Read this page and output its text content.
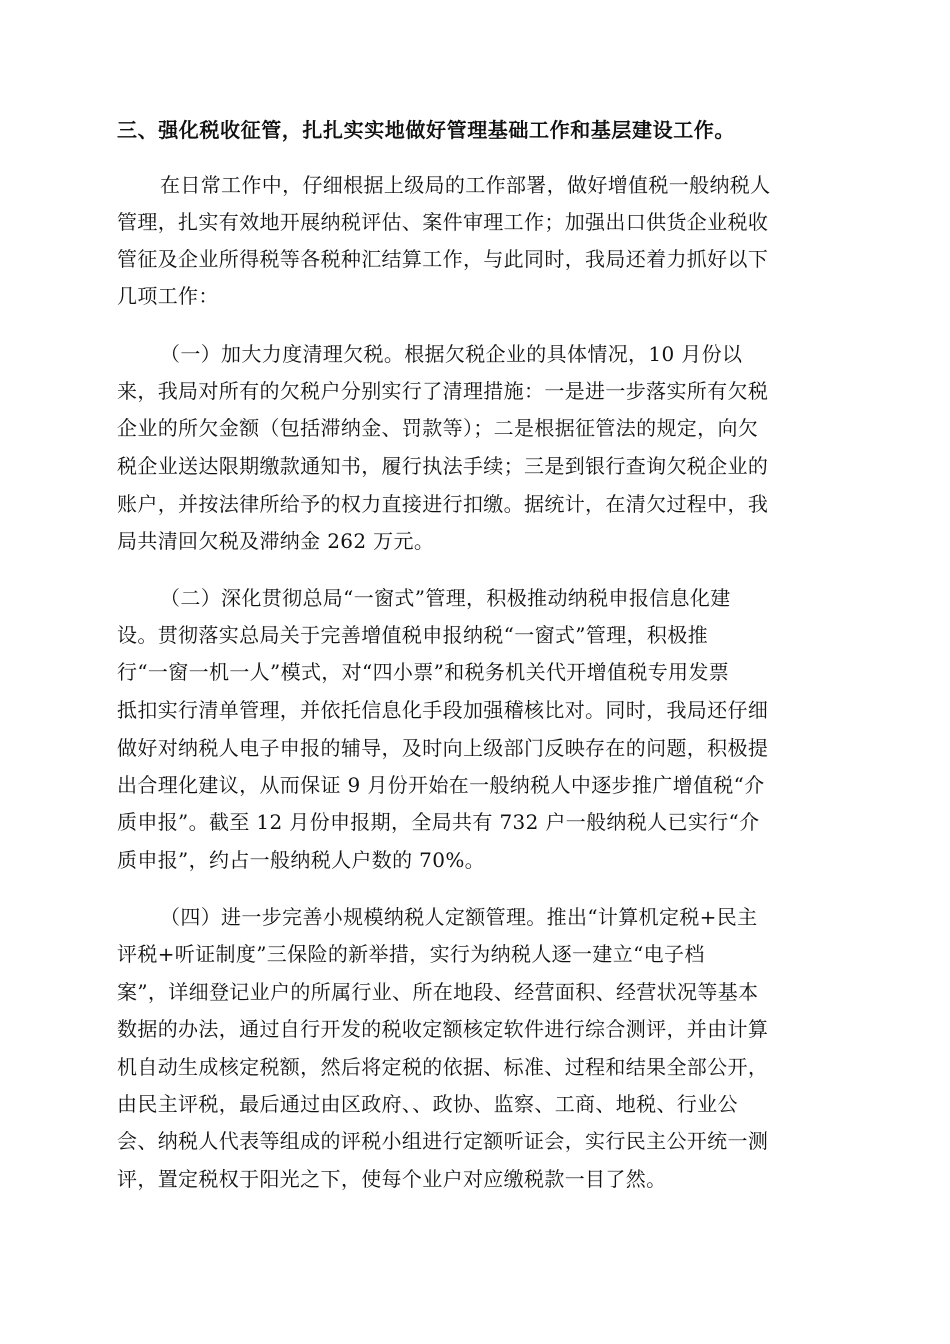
三、强化税收征管，扎扎实实地做好管理基础工作和基层建设工作。
在日常工作中，仔细根据上级局的工作部署，做好增值税一般纳税人
管理，扎实有效地开展纳税评估、案件审理工作；加强出口供货企业税收
管征及企业所得税等各税种汇结算工作，与此同时，我局还着力抓好以下
几项工作：
（一）加大力度清理欠税。根据欠税企业的具体情况，10 月份以
来，我局对所有的欠税户分别实行了清理措施：一是进一步落实所有欠税
企业的所欠金额（包括滞纳金、罚款等）；二是根据征管法的规定，向欠
税企业送达限期缴款通知书，履行执法手续；三是到银行查询欠税企业的
账户，并按法律所给予的权力直接进行扣缴。据统计，在清欠过程中，我
局共清回欠税及滞纳金 262 万元。
（二）深化贯彻总局“一窗式”管理，积极推动纳税申报信息化建
设。贯彻落实总局关于完善增值税申报纳税“一窗式”管理，积极推
行“一窗一机一人”模式，对“四小票”和税务机关代开增值税专用发票
抵扣实行清单管理，并依托信息化手段加强稽核比对。同时，我局还仔细
做好对纳税人电子申报的辅导，及时向上级部门反映存在的问题，积极提
出合理化建议，从而保证 9 月份开始在一般纳税人中逐步推广增值税“介
质申报”。截至 12 月份申报期，全局共有 732 户一般纳税人已实行“介
质申报”，约占一般纳税人户数的 70%。
（四）进一步完善小规模纳税人定额管理。推出“计算机定税+民主
评税+听证制度”三保险的新举措，实行为纳税人逐一建立“电子档
案”，详细登记业户的所属行业、所在地段、经营面积、经营状况等基本
数据的办法，通过自行开发的税收定额核定软件进行综合测评，并由计算
机自动生成核定税额，然后将定税的依据、标准、过程和结果全部公开，
由民主评税，最后通过由区政府、、政协、监察、工商、地税、行业公
会、纳税人代表等组成的评税小组进行定额听证会，实行民主公开统一测
评，置定税权于阳光之下，使每个业户对应缴税款一目了然。
